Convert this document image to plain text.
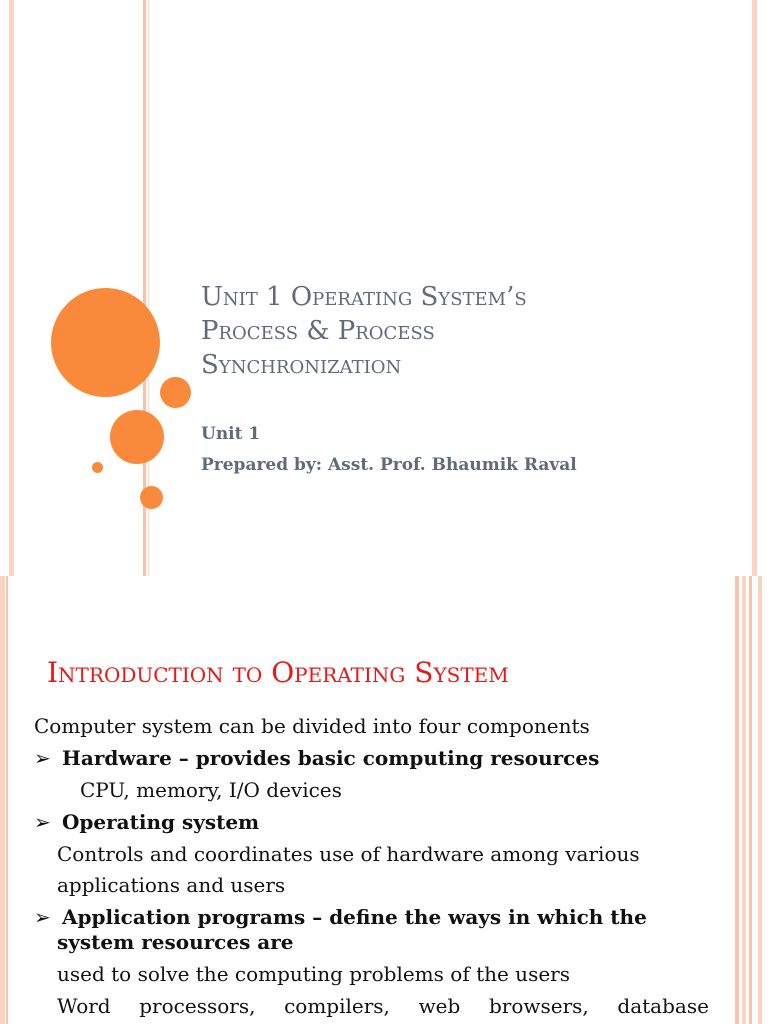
Unit 1 Operating System’s
Process & Process
Synchronization

Unit 1

Prepared by: Asst. Prof. Bhaumik Raval

Introduction to Operating System

Computer system can be divided into four components

➢ Hardware – provides basic computing resources

CPU, memory, I/O devices

➢ Operating system

Controls and coordinates use of hardware among various

applications and users

➢ Application programs – define the ways in which the
system resources are

used to solve the computing problems of the users

Word processors, compilers, web browsers, database
